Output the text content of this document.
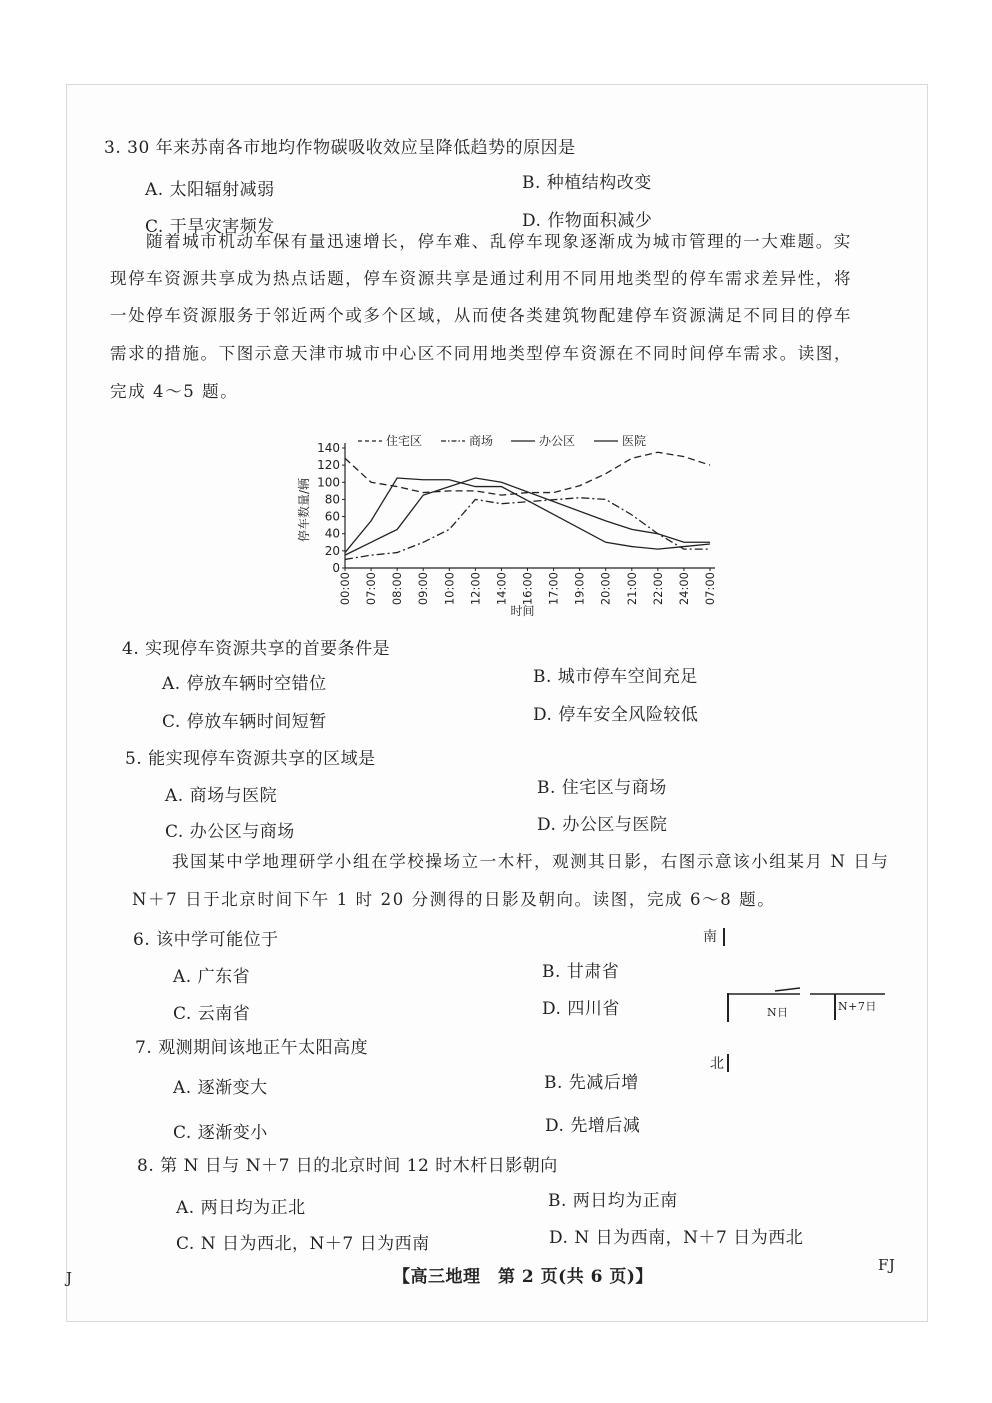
3. 30 年来苏南各市地均作物碳吸收效应呈降低趋势的原因是
A. 太阳辐射减弱	B. 种植结构改变
C. 干旱灾害频发	D. 作物面积减少
随着城市机动车保有量迅速增长，停车难、乱停车现象逐渐成为城市管理的一大难题。实
现停车资源共享成为热点话题，停车资源共享是通过利用不同用地类型的停车需求差异性，将
一处停车资源服务于邻近两个或多个区域，从而使各类建筑物配建停车资源满足不同目的停车
需求的措施。下图示意天津市城市中心区不同用地类型停车资源在不同时间停车需求。读图，
完成 4～5 题。
0
20
40
60
80
100
120
140
00:00 07:00 08:00 09:00 10:00 12:00 14:00 16:00 17:00 19:00 20:00 21:00 22:00 24:00 07:00
时间
停车数量/辆
住宅区	商场	办公区	医院
4. 实现停车资源共享的首要条件是
A. 停放车辆时空错位	B. 城市停车空间充足
C. 停放车辆时间短暂	D. 停车安全风险较低
5. 能实现停车资源共享的区域是
A. 商场与医院	B. 住宅区与商场
C. 办公区与商场	D. 办公区与医院
我国某中学地理研学小组在学校操场立一木杆，观测其日影，右图示意该小组某月 N 日与
N＋7 日于北京时间下午 1 时 20 分测得的日影及朝向。读图，完成 6～8 题。
南
北
N日	N+7日
6. 该中学可能位于
A. 广东省	B. 甘肃省
C. 云南省	D. 四川省
7. 观测期间该地正午太阳高度
A. 逐渐变大	B. 先减后增
C. 逐渐变小	D. 先增后减
8. 第 N 日与 N＋7 日的北京时间 12 时木杆日影朝向
A. 两日均为正北	B. 两日均为正南
C. N 日为西北，N＋7 日为西南	D. N 日为西南，N＋7 日为西北
J	【高三地理　第 2 页(共 6 页)】
FJ
